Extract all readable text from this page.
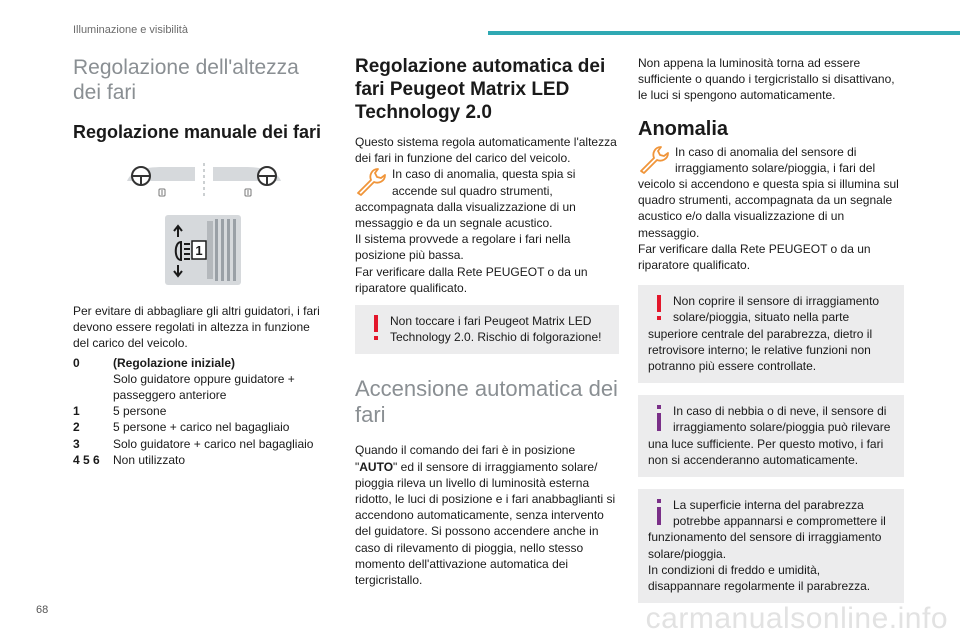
Illuminazione e visibilità
Regolazione dell'altezza dei fari
Regolazione manuale dei fari
1

Per evitare di abbagliare gli altri guidatori, i fari devono essere regolati in altezza in funzione del carico del veicolo.

0	(Regolazione iniziale)
Solo guidatore oppure guidatore + passeggero anteriore
1	5 persone
2	5 persone + carico nel bagagliaio
3	Solo guidatore + carico nel bagagliaio
4 5 6	Non utilizzato
Regolazione automatica dei fari Peugeot Matrix LED Technology 2.0

Questo sistema regola automaticamente l'altezza dei fari in funzione del carico del veicolo.

In caso di anomalia, questa spia si accende sul quadro strumenti, accompagnata dalla visualizzazione di un messaggio e da un segnale acustico.

Il sistema provvede a regolare i fari nella posizione più bassa.

Far verificare dalla Rete PEUGEOT o da un riparatore qualificato.

Non toccare i fari Peugeot Matrix LED Technology 2.0. Rischio di folgorazione!
Accensione automatica dei fari

Quando il comando dei fari è in posizione "AUTO" ed il sensore di irraggiamento solare/ pioggia rileva un livello di luminosità esterna ridotto, le luci di posizione e i fari anabbaglianti si accendono automaticamente, senza intervento del guidatore. Si possono accendere anche in caso di rilevamento di pioggia, nello stesso momento dell'attivazione automatica dei tergicristallo.

Non appena la luminosità torna ad essere sufficiente o quando i tergicristallo si disattivano, le luci si spengono automaticamente.

Anomalia
In caso di anomalia del sensore di irraggiamento solare/pioggia, i fari del veicolo si accendono e questa spia si illumina sul quadro strumenti, accompagnata da un segnale acustico e/o dalla visualizzazione di un messaggio.

Far verificare dalla Rete PEUGEOT o da un riparatore qualificato.

Non coprire il sensore di irraggiamento solare/pioggia, situato nella parte superiore centrale del parabrezza, dietro il retrovisore interno; le relative funzioni non potranno più essere controllate.
In caso di nebbia o di neve, il sensore di irraggiamento solare/pioggia può rilevare una luce sufficiente. Per questo motivo, i fari non si accenderanno automaticamente.
La superficie interna del parabrezza potrebbe appannarsi e compromettere il funzionamento del sensore di irraggiamento solare/pioggia.
In condizioni di freddo e umidità, disappannare regolarmente il parabrezza.
68	carmanualsonline.info
